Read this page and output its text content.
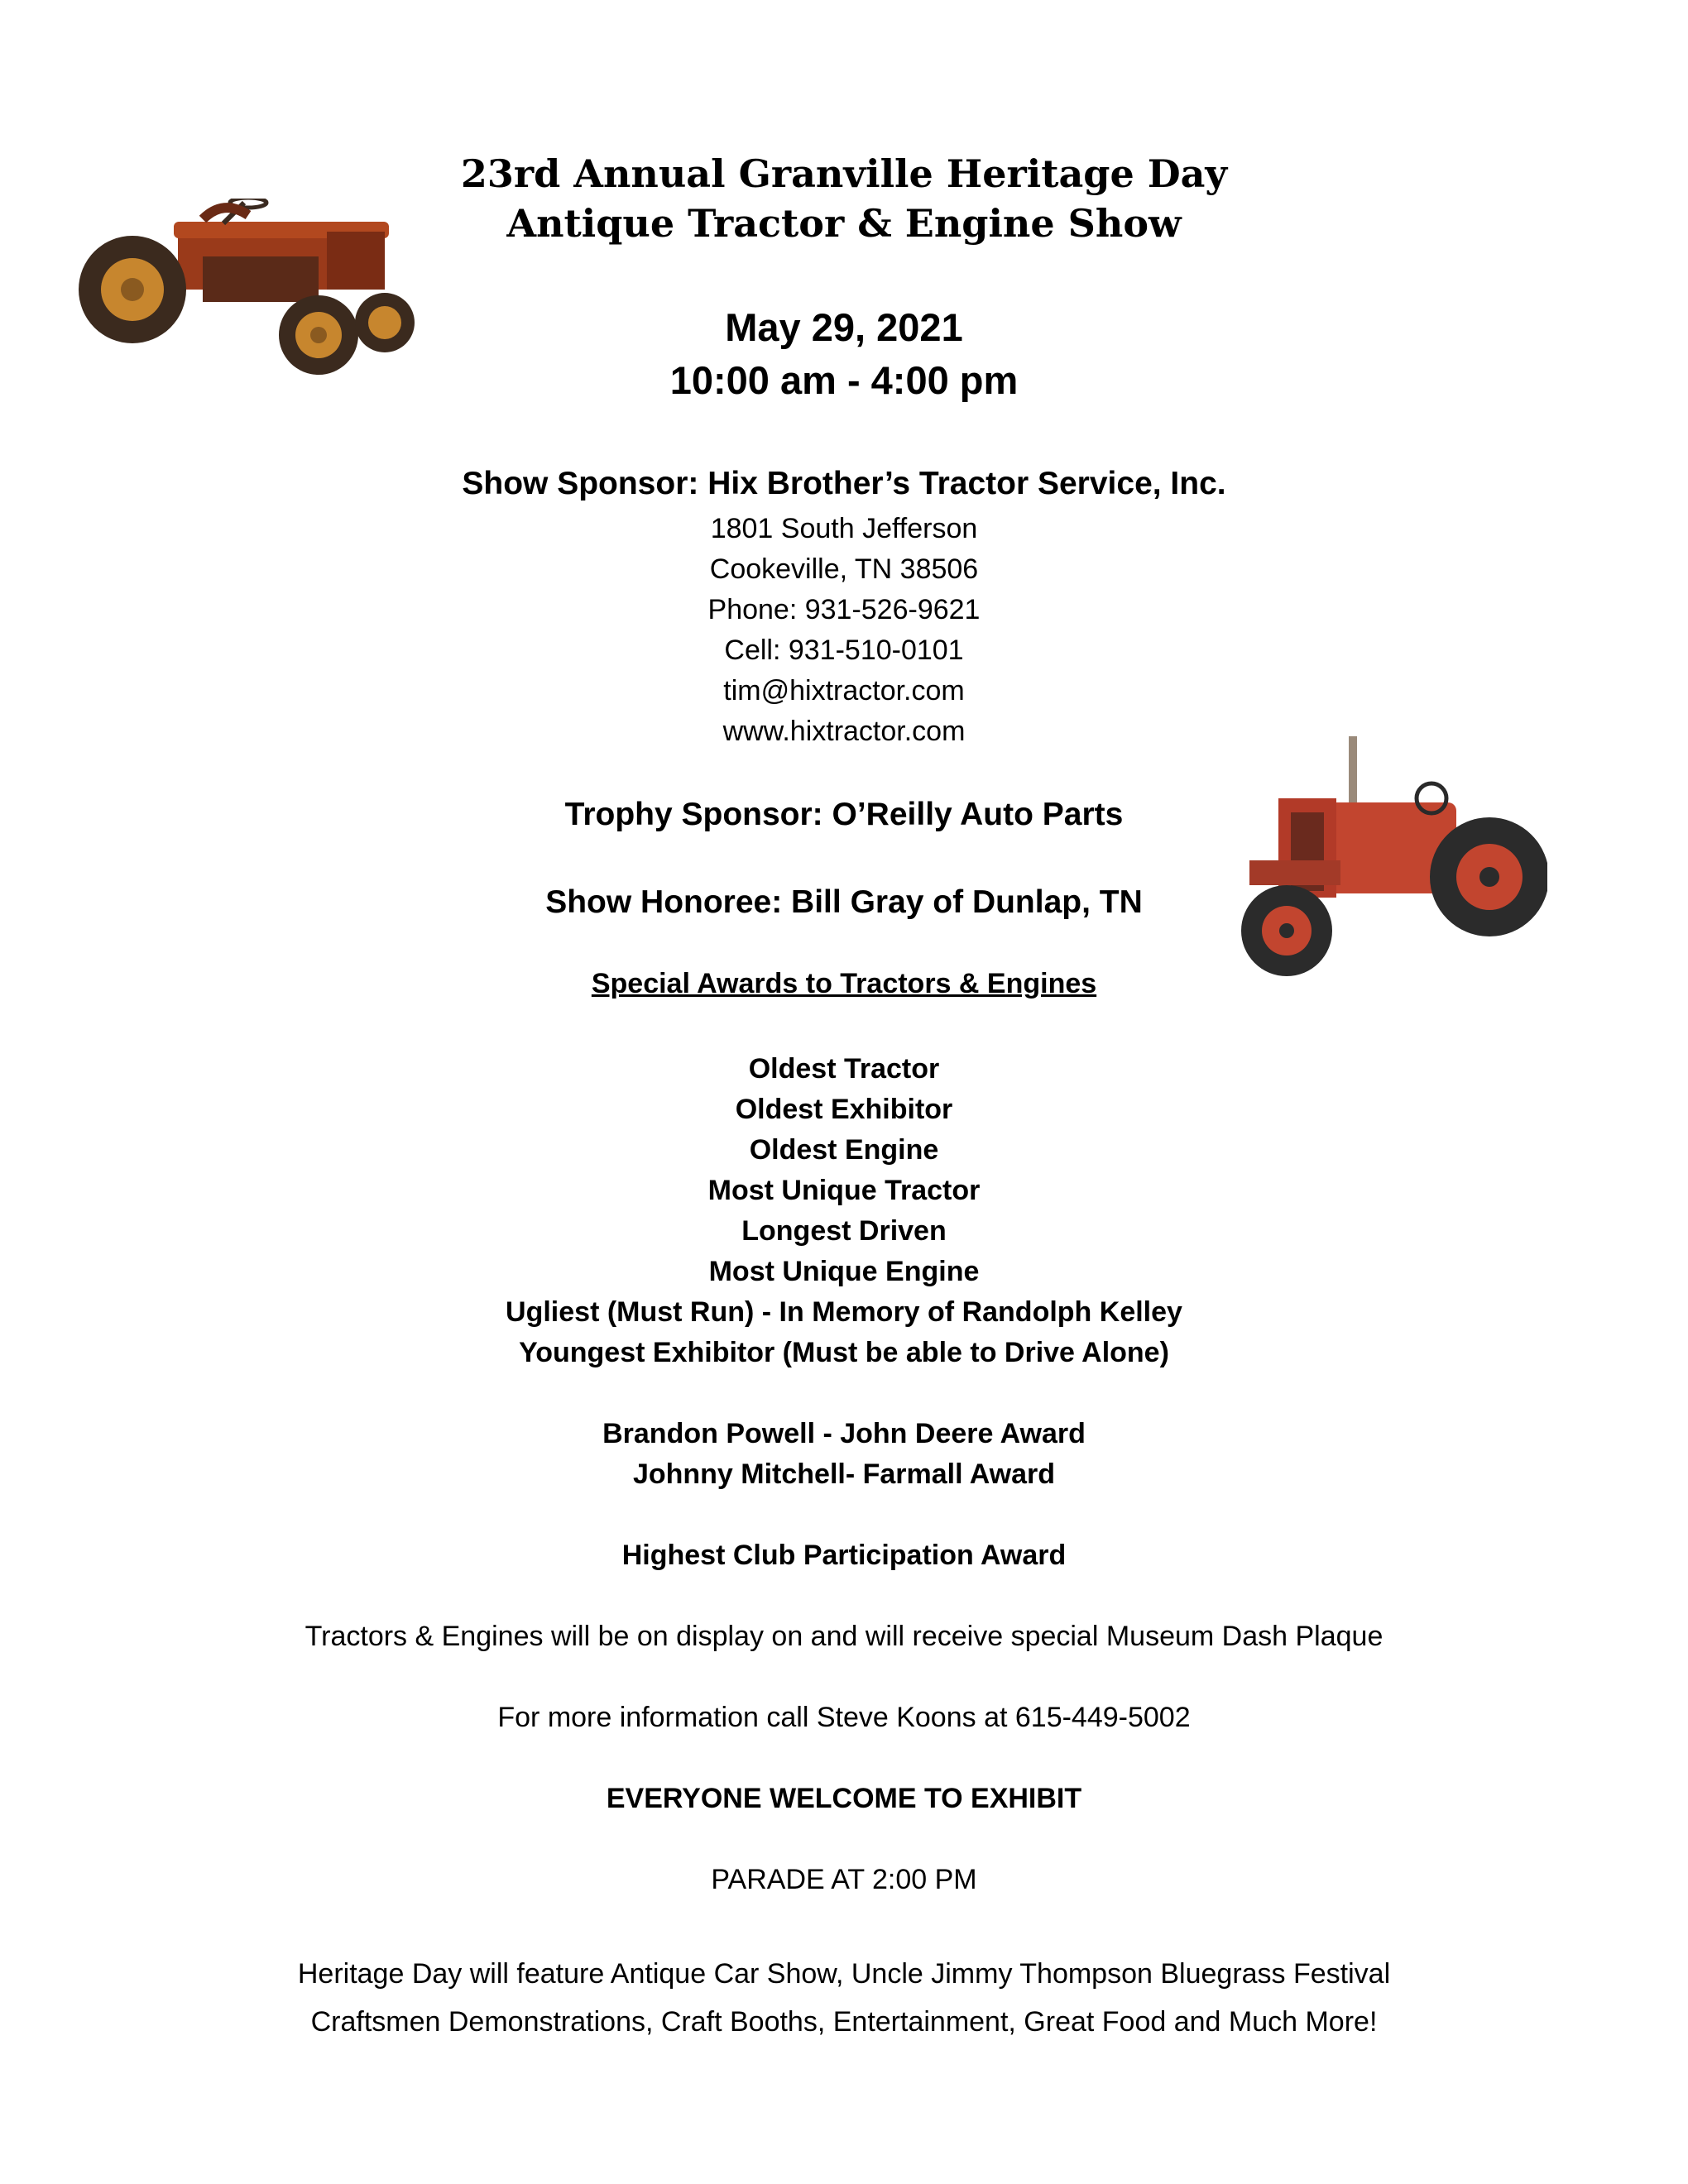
23rd Annual Granville Heritage Day
Antique Tractor & Engine Show
May 29, 2021
10:00 am - 4:00 pm
Show Sponsor: Hix Brother’s Tractor Service, Inc.
1801 South Jefferson
Cookeville, TN 38506
Phone: 931-526-9621
Cell: 931-510-0101
tim@hixtractor.com
www.hixtractor.com
Trophy Sponsor: O’Reilly Auto Parts
Show Honoree: Bill Gray of Dunlap, TN
Special Awards to Tractors & Engines
Oldest Tractor
Oldest Exhibitor
Oldest Engine
Most Unique Tractor
Longest Driven
Most Unique Engine
Ugliest (Must Run) - In Memory of Randolph Kelley
Youngest Exhibitor (Must be able to Drive Alone)
Brandon Powell - John Deere Award
Johnny Mitchell- Farmall Award
Highest Club Participation Award
Tractors & Engines will be on display on and will receive special Museum Dash Plaque
For more information call Steve Koons at 615-449-5002
EVERYONE WELCOME TO EXHIBIT
PARADE AT 2:00 PM
Heritage Day will feature Antique Car Show, Uncle Jimmy Thompson Bluegrass Festival
Craftsmen Demonstrations, Craft Booths, Entertainment, Great Food and Much More!
